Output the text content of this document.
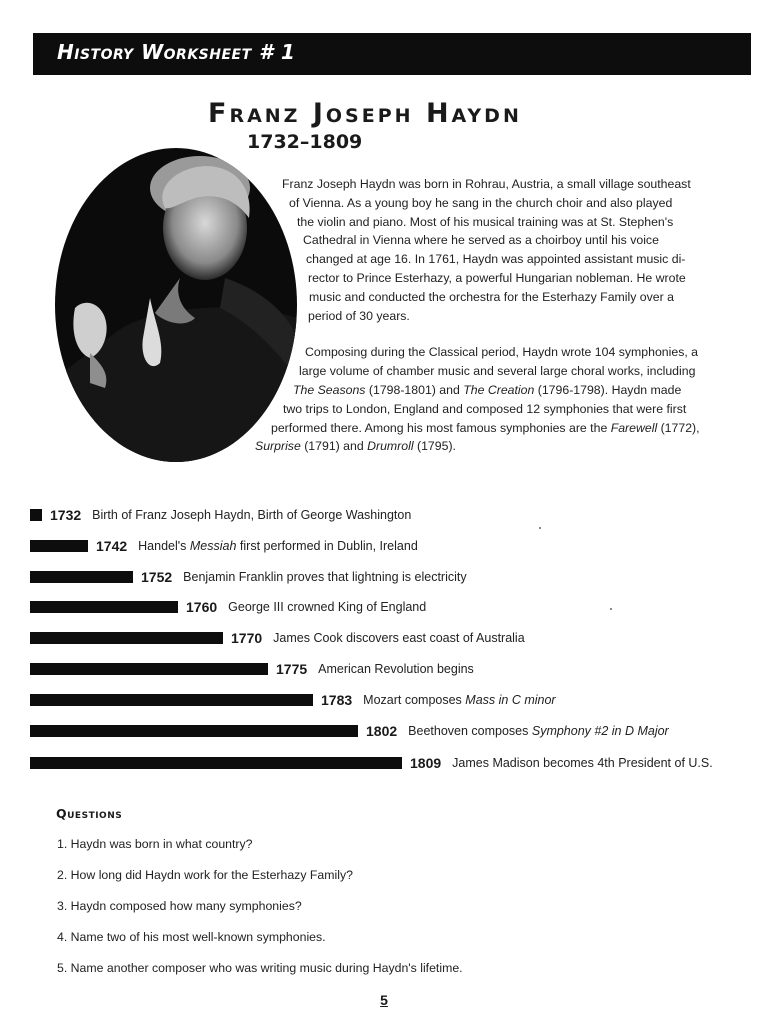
History Worksheet # 1
Franz Joseph Haydn
1732–1809

Franz Joseph Haydn was born in Rohrau, Austria, a small village southeast
of Vienna. As a young boy he sang in the church choir and also played
the violin and piano. Most of his musical training was at St. Stephen's
Cathedral in Vienna where he served as a choirboy until his voice
changed at age 16. In 1761, Haydn was appointed assistant music di-
rector to Prince Esterhazy, a powerful Hungarian nobleman. He wrote
music and conducted the orchestra for the Esterhazy Family over a
period of 30 years.

Composing during the Classical period, Haydn wrote 104 symphonies, a
large volume of chamber music and several large choral works, including
The Seasons (1798-1801) and The Creation (1796-1798). Haydn made
two trips to London, England and composed 12 symphonies that were first
performed there. Among his most famous symphonies are the Farewell (1772),
Surprise (1791) and Drumroll (1795).

1732 Birth of Franz Joseph Haydn, Birth of George Washington
1742 Handel's Messiah first performed in Dublin, Ireland
1752 Benjamin Franklin proves that lightning is electricity
1760 George III crowned King of England
1770 James Cook discovers east coast of Australia
1775 American Revolution begins
1783 Mozart composes Mass in C minor
1802 Beethoven composes Symphony #2 in D Major
1809 James Madison becomes 4th President of U.S.
Questions
1. Haydn was born in what country?
2. How long did Haydn work for the Esterhazy Family?
3. Haydn composed how many symphonies?
4. Name two of his most well-known symphonies.
5. Name another composer who was writing music during Haydn's lifetime.
5
